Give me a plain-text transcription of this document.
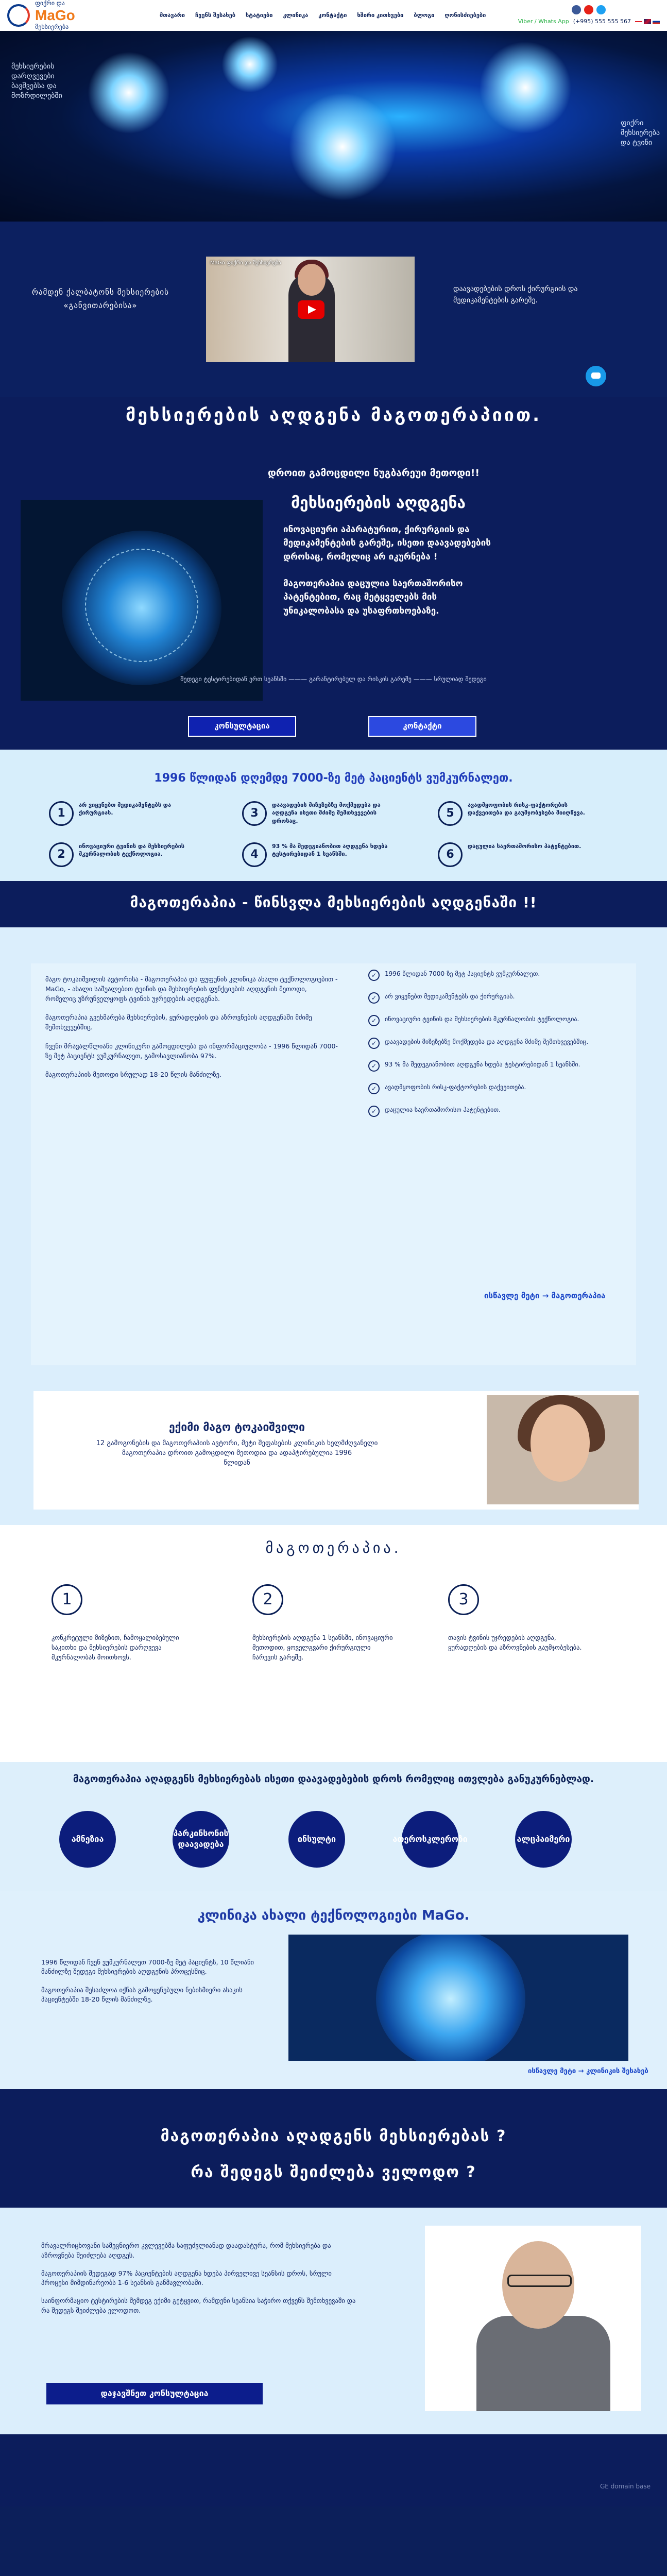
ფიქრი და
MaGo
მეხსიერება
მთავარი ჩვენს შესახებ სტატიები კლინიკა კონტაქტი ხშირი კითხვები ბლოგი ღონისძიებები
Viber / Whats App (+995) 555 555 567
მეხსიერების
დარღვევები
ბავშვებსა და
მოზრდილებში
ფიქრი
მეხსიერება
და ტვინი
რამდენ ქალბატონს მეხსიერების «განვითარებისა»
MaGo ფიქრი და მეხსიერება
დაავადებების დროს ქირურგიის და მედიკამენტების გარეშე.
მეხსიერების აღდგენა მაგოთერაპიით.
დროით გამოცდილი ნუგბარეუი მეთოდი!!
მეხსიერების აღდგენა

ინოვაციური აპარატურით, ქირურგიის და მედიკამენტების გარეშე, ისეთი დაავადებების დროსაც, რომელიც არ იკურნება !

მაგოთერაპია დაცულია საერთაშორისო პატენტებით, რაც მეტყველებს მის უნიკალობასა და უსაფრთხოებაზე.

შედეგი ტესტირებიდან ერთ სეანსში ——— გარანტირებულ და რისკის გარეშე ——— სრულიად შედეგი
კონსულტაცია	კონტაქტი
1996 წლიდან დღემდე 7000-ზე მეტ პაციენტს ვუმკურნალეთ.
1
არ ვიყენებთ მედიკამენტებს და ქირურგიას.
2
ინოვაციური ტვინის და მეხსიერების მკურნალობის ტექნოლოგია.
3
დაავადების მიზეზებზე მოქმედება და აღდგენა ისეთი მძიმე შემთხვევების დროსაც.
4
93 % მა შედეგიანობით აღდგენა ხდება ტესტირებიდან 1 სეანსში.
5
ავადმყოფობის რისკ-ფაქტორების დაქვეითება და გაუმჯობესება მიიღწევა.
6
დაცულია საერთაშორისო პატენტებით.
მაგოთერაპია - წინსვლა მეხსიერების აღდგენაში !!

მაგო ტოკაიშვილის ავტორისა - მაგოთერაპია და ფუფუნის კლინიკა ახალი ტექნოლოგიებით - MaGo, - ახალი საშუალებით ტვინის და მეხსიერების ფუნქციების აღდგენის მეთოდი, რომელიც უზრუნველყოფს ტვინის უჯრედების აღდგენას.

მაგოთერაპია გვეხმარება მეხსიერების, ყურადღების და აზროვნების აღდგენაში მძიმე შემთხვევებშიც.

ჩვენი მრავალწლიანი კლინიკური გამოცდილება და ინფორმაციულობა - 1996 წლიდან 7000-ზე მეტ პაციენტს ვუმკურნალეთ, გამოსავლიანობა 97%.

მაგოთერაპიის მეთოდი სრულად 18-20 წლის მანძილზე.

✓	1996 წლიდან 7000-ზე მეტ პაციენტს ვუმკურნალეთ.
✓	არ ვიყენებთ მედიკამენტებს და ქირურგიას.
✓	ინოვაციური ტვინის და მეხსიერების მკურნალობის ტექნოლოგია.
✓	დაავადების მიზეზებზე მოქმედება და აღდგენა მძიმე შემთხვევებშიც.
✓	93 % მა შედეგიანობით აღდგენა ხდება ტესტირებიდან 1 სეანსში.
✓	ავადმყოფობის რისკ-ფაქტორების დაქვეითება.
✓	დაცულია საერთაშორისო პატენტებით.
ისწავლე მეტი → მაგოთერაპია
ექიმი მაგო ტოკაიშვილი

12 გამოგონების და მაგოთერაპიის ავტორი, მეტი შეფასების კლინიკის ხელმძღვანელი

მაგოთერაპია დროით გამოცდილი მეთოდია და ადაპტირებულია 1996

წლიდან

მაგოთერაპია.
1

კონკრეტული მიზეზით, ჩამოყალიბებული საკითხი და მეხსიერების დარღვევა მკურნალობას მოითხოვს.

2

მეხსიერების აღდგენა 1 სეანსში, ინოვაციური მეთოდით, ყოველგვარი ქირურგიული ჩარევის გარეშე.

3

თავის ტვინის უჯრედების აღდგენა, ყურადღების და აზროვნების გაუმჯობესება.

მაგოთერაპია აღადგენს მეხსიერებას ისეთი დაავადებების დროს რომელიც ითვლება განუკურნებლად.
ამნეზია
პარკინსონის დაავადება
ინსულტი	ათეროსკლეროზი	ალცჰაიმერი
კლინიკა ახალი ტექნოლოგიები MaGo.

1996 წლიდან ჩვენ ვუმკურნალეთ 7000-ზე მეტ პაციენტს, 10 წლიანი მანძილზე შედეგი მეხსიერების აღდგენის პროცესშიც.

მაგოთერაპია შესაძლოა იქნას გამოყენებული ნებისმიერი ასაკის პაციენტებში 18-20 წლის მანძილზე.

ისწავლე მეტი → კლინიკის შესახებ
მაგოთერაპია აღადგენს მეხსიერებას ?
რა შედეგს შეიძლება ველოდო ?

მრავალრიცხოვანი სამეცნიერო კვლევებმა საფუძვლიანად დაადასტურა, რომ მეხსიერება და აზროვნება შეიძლება აღდგეს.

მაგოთერაპიის შედეგად 97% პაციენტების აღდგენა ხდება პირველივე სეანსის დროს, სრული პროცესი მიმდინარეობს 1-6 სეანსის განმავლობაში.

საინფორმაციო ტესტირების შემდეგ ექიმი გეტყვით, რამდენი სეანსია საჭირო თქვენს შემთხვევაში და რა შედეგს შეიძლება ელოდოთ.

დაჯავშნეთ კონსულტაცია
GE domain base
